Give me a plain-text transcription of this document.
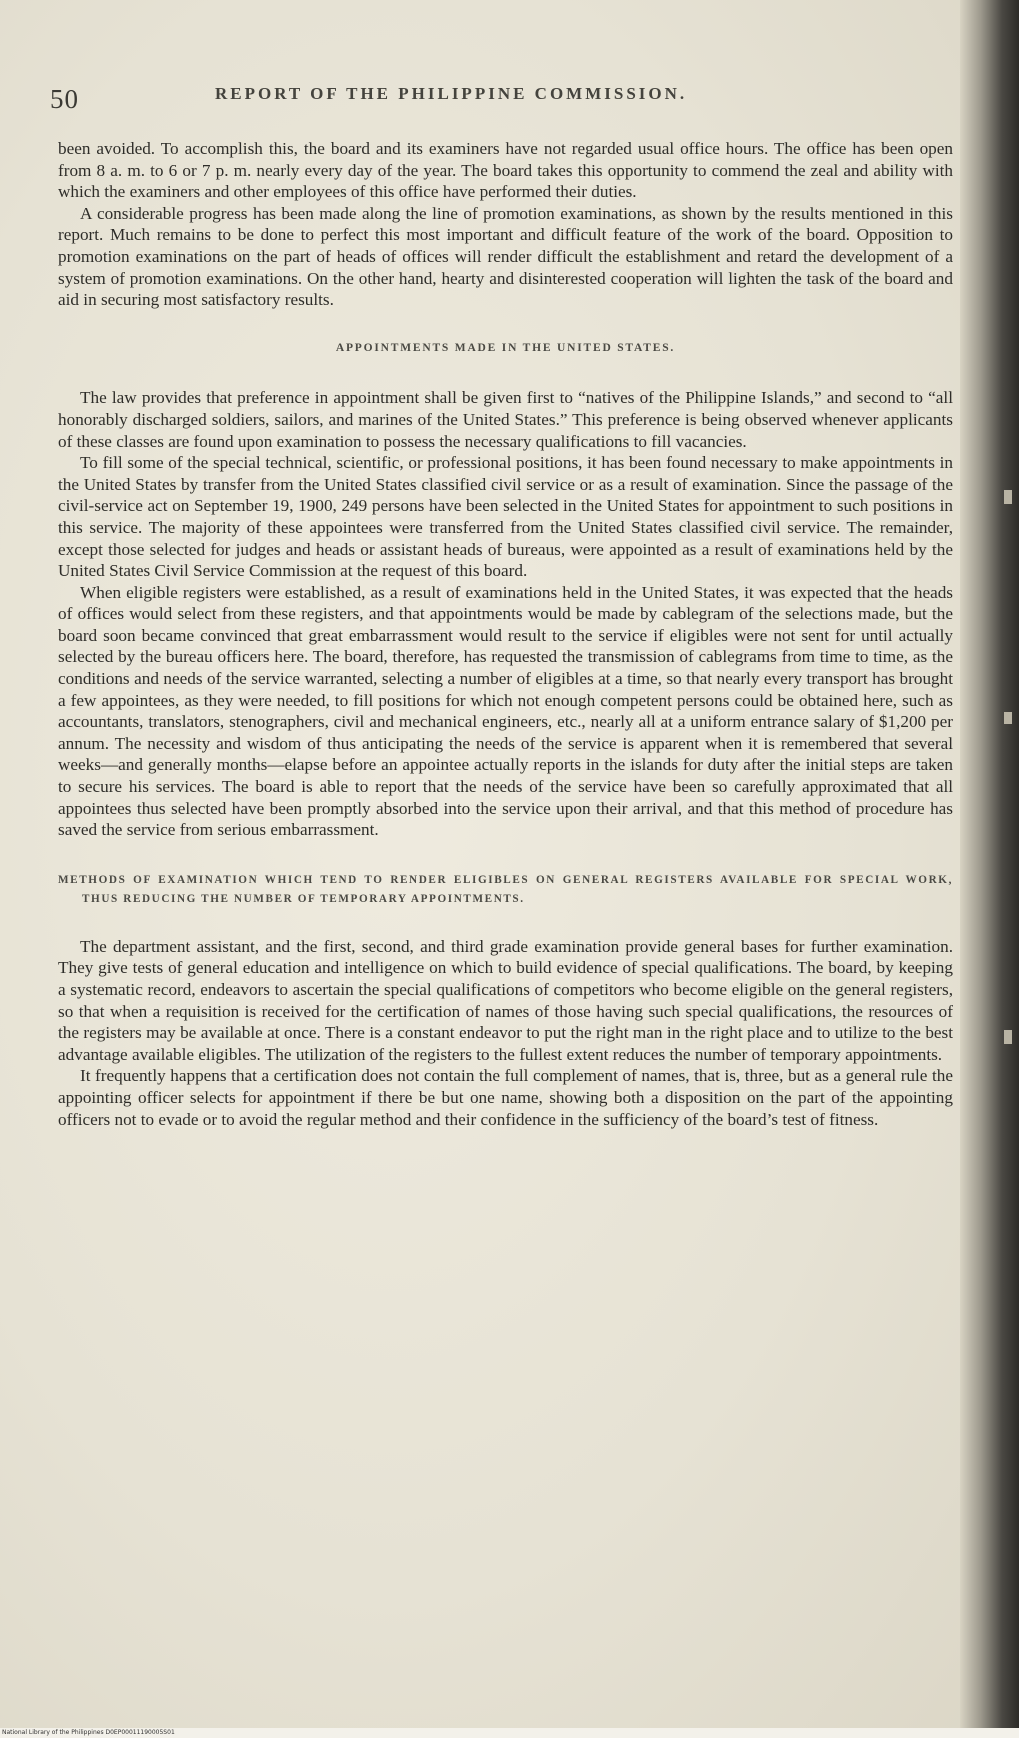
50	REPORT OF THE PHILIPPINE COMMISSION.

been avoided. To accomplish this, the board and its examiners have not regarded usual office hours. The office has been open from 8 a. m. to 6 or 7 p. m. nearly every day of the year. The board takes this opportunity to commend the zeal and ability with which the examiners and other employees of this office have performed their duties.

A considerable progress has been made along the line of promotion examinations, as shown by the results mentioned in this report. Much remains to be done to perfect this most important and difficult feature of the work of the board. Opposition to promotion examinations on the part of heads of offices will render difficult the establishment and retard the development of a system of promotion examinations. On the other hand, hearty and disinterested cooperation will lighten the task of the board and aid in securing most satisfactory results.

APPOINTMENTS MADE IN THE UNITED STATES.

The law provides that preference in appointment shall be given first to “natives of the Philippine Islands,” and second to “all honorably discharged soldiers, sailors, and marines of the United States.” This preference is being observed whenever applicants of these classes are found upon examination to possess the necessary qualifications to fill vacancies.

To fill some of the special technical, scientific, or professional positions, it has been found necessary to make appointments in the United States by transfer from the United States classified civil service or as a result of examination. Since the passage of the civil-service act on September 19, 1900, 249 persons have been selected in the United States for appointment to such positions in this service. The majority of these appointees were transferred from the United States classified civil service. The remainder, except those selected for judges and heads or assistant heads of bureaus, were appointed as a result of examinations held by the United States Civil Service Commission at the request of this board.

When eligible registers were established, as a result of examinations held in the United States, it was expected that the heads of offices would select from these registers, and that appointments would be made by cablegram of the selections made, but the board soon became convinced that great embarrassment would result to the service if eligibles were not sent for until actually selected by the bureau officers here. The board, therefore, has requested the transmission of cablegrams from time to time, as the conditions and needs of the service warranted, selecting a number of eligibles at a time, so that nearly every transport has brought a few appointees, as they were needed, to fill positions for which not enough competent persons could be obtained here, such as accountants, translators, stenographers, civil and mechanical engineers, etc., nearly all at a uniform entrance salary of $1,200 per annum. The necessity and wisdom of thus anticipating the needs of the service is apparent when it is remembered that several weeks—and generally months—elapse before an appointee actually reports in the islands for duty after the initial steps are taken to secure his services. The board is able to report that the needs of the service have been so carefully approximated that all appointees thus selected have been promptly absorbed into the service upon their arrival, and that this method of procedure has saved the service from serious embarrassment.

METHODS OF EXAMINATION WHICH TEND TO RENDER ELIGIBLES ON GENERAL REGISTERS AVAILABLE FOR SPECIAL WORK, THUS REDUCING THE NUMBER OF TEMPORARY APPOINTMENTS.

The department assistant, and the first, second, and third grade examination provide general bases for further examination. They give tests of general education and intelligence on which to build evidence of special qualifications. The board, by keeping a systematic record, endeavors to ascertain the special qualifications of competitors who become eligible on the general registers, so that when a requisition is received for the certification of names of those having such special qualifications, the resources of the registers may be available at once. There is a constant endeavor to put the right man in the right place and to utilize to the best advantage available eligibles. The utilization of the registers to the fullest extent reduces the number of temporary appointments.

It frequently happens that a certification does not contain the full complement of names, that is, three, but as a general rule the appointing officer selects for appointment if there be but one name, showing both a disposition on the part of the appointing officers not to evade or to avoid the regular method and their confidence in the sufficiency of the board’s test of fitness.

National Library of the Philippines D0EP00011190005S01
